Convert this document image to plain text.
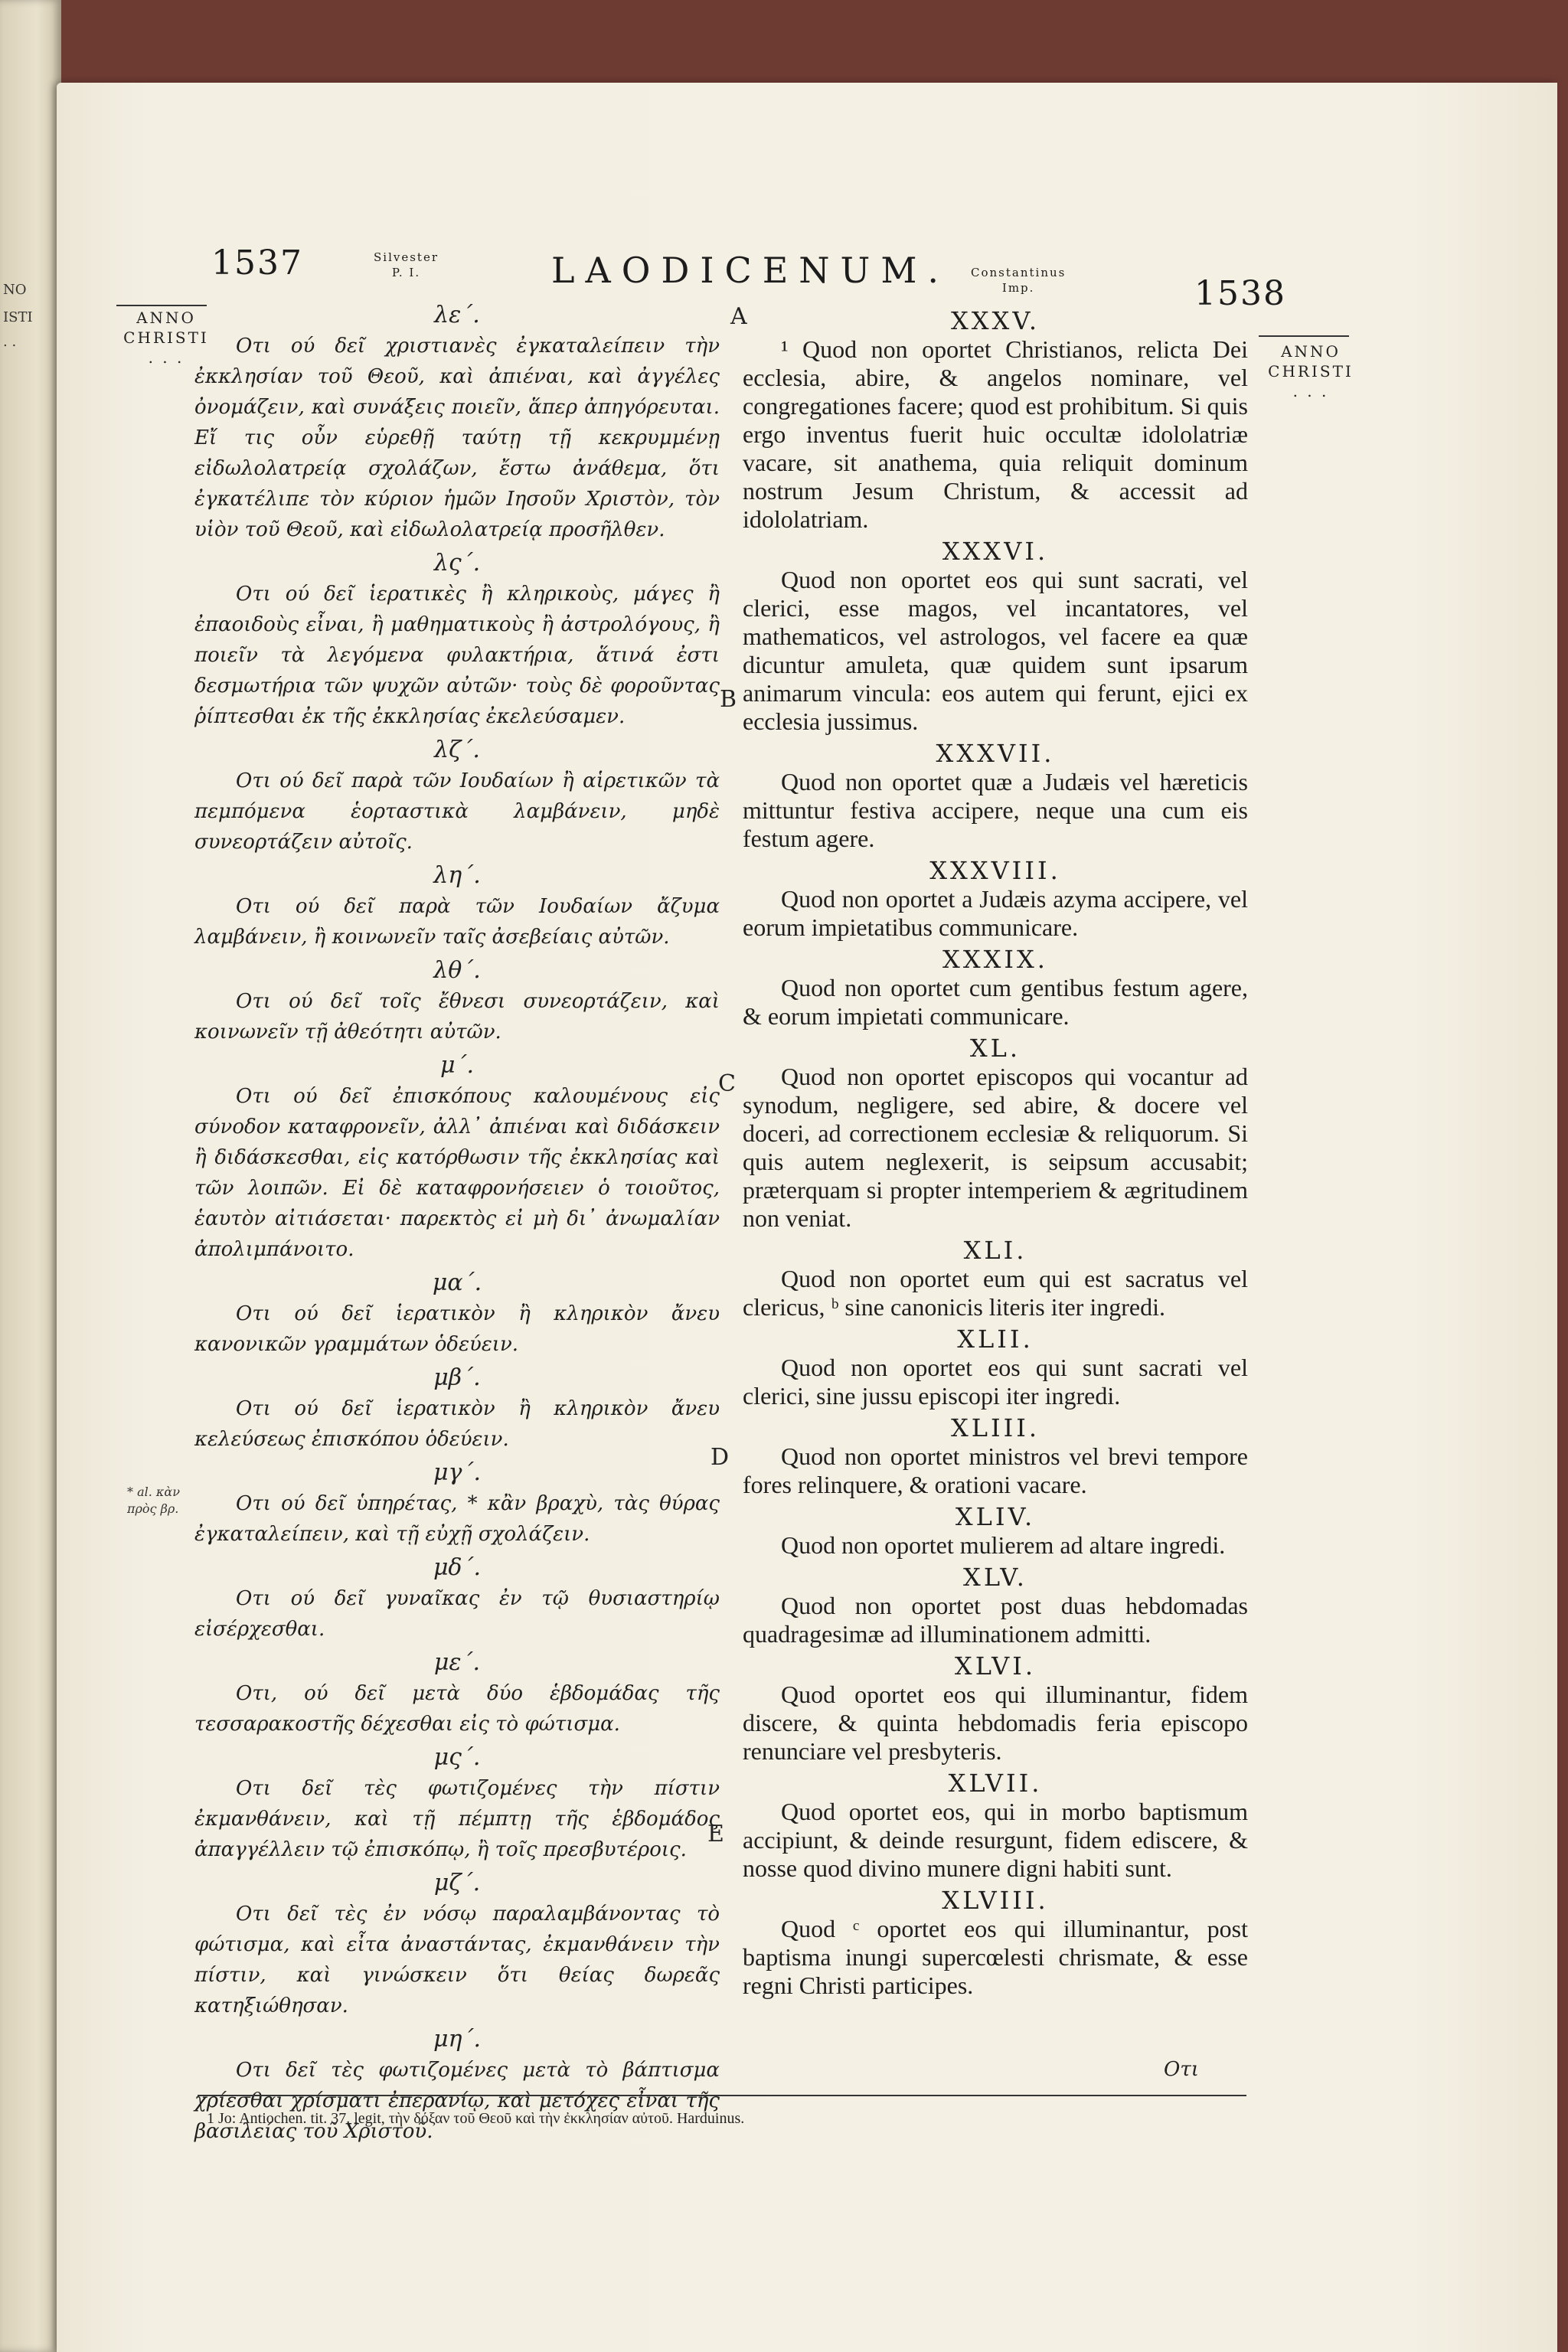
NO
ISTI
. .
1537	Silvester
P. I.	LAODICENUM. Constantinus
Imp.	1538
ANNO
CHRISTI
. . .	ANNO
CHRISTI
. . .
A
B
C
D
E
* al. κὰν πρὸς βρ.
λε΄.

Οτι ού δεῖ χριστιανὲς ἐγκαταλείπειν τὴν ἐκκλησίαν τοῦ Θεοῦ, καὶ ἀπιέναι, καὶ ἀγγέλες ὀνομάζειν, καὶ συνάξεις ποιεῖν, ἅπερ ἀπηγόρευται. Εἴ τις οὖν εὑρεθῇ ταύτῃ τῇ κεκρυμμένῃ εἰδωλολατρείᾳ σχολάζων, ἔστω ἀνάθεμα, ὅτι ἐγκατέλιπε τὸν κύριον ἡμῶν Ιησοῦν Χριστὸν, τὸν υἱὸν τοῦ Θεοῦ, καὶ εἰδωλολατρείᾳ προσῆλθεν.

λς΄.

Οτι ού δεῖ ἱερατικὲς ἢ κληρικοὺς, μάγες ἢ ἐπαοιδοὺς εἶναι, ἢ μαθηματικοὺς ἢ ἀστρολόγους, ἢ ποιεῖν τὰ λεγόμενα φυλακτήρια, ἅτινά ἐστι δεσμωτήρια τῶν ψυχῶν αὐτῶν· τοὺς δὲ φοροῦντας ῥίπτεσθαι ἐκ τῆς ἐκκλησίας ἐκελεύσαμεν.

λζ΄.

Οτι ού δεῖ παρὰ τῶν Ιουδαίων ἢ αἱρετικῶν τὰ πεμπόμενα ἑορταστικὰ λαμβάνειν, μηδὲ συνεορτάζειν αὐτοῖς.

λη΄.

Οτι ού δεῖ παρὰ τῶν Ιουδαίων ἄζυμα λαμβάνειν, ἢ κοινωνεῖν ταῖς ἀσεβείαις αὐτῶν.

λθ΄.

Οτι ού δεῖ τοῖς ἔθνεσι συνεορτάζειν, καὶ κοινωνεῖν τῇ ἀθεότητι αὐτῶν.

μ΄.

Οτι ού δεῖ ἐπισκόπους καλουμένους εἰς σύνοδον καταφρονεῖν, ἀλλ᾽ ἀπιέναι καὶ διδάσκειν ἢ διδάσκεσθαι, εἰς κατόρθωσιν τῆς ἐκκλησίας καὶ τῶν λοιπῶν. Εἰ δὲ καταφρονήσειεν ὁ τοιοῦτος, ἑαυτὸν αἰτιάσεται· παρεκτὸς εἰ μὴ δι᾽ ἀνωμαλίαν ἀπολιμπάνοιτο.

μα΄.

Οτι ού δεῖ ἱερατικὸν ἢ κληρικὸν ἄνευ κανονικῶν γραμμάτων ὁδεύειν.

μβ΄.

Οτι ού δεῖ ἱερατικὸν ἢ κληρικὸν ἄνευ κελεύσεως ἐπισκόπου ὁδεύειν.

μγ΄.

Οτι ού δεῖ ὑπηρέτας, * κἂν βραχὺ, τὰς θύρας ἐγκαταλείπειν, καὶ τῇ εὐχῇ σχολάζειν.

μδ΄.

Οτι ού δεῖ γυναῖκας ἐν τῷ θυσιαστηρίῳ εἰσέρχεσθαι.

με΄.

Οτι, ού δεῖ μετὰ δύο ἑβδομάδας τῆς τεσσαρακοστῆς δέχεσθαι εἰς τὸ φώτισμα.

μς΄.

Οτι δεῖ τὲς φωτιζομένες τὴν πίστιν ἐκμανθάνειν, καὶ τῇ πέμπτῃ τῆς ἑβδομάδος ἀπαγγέλλειν τῷ ἐπισκόπῳ, ἢ τοῖς πρεσβυτέροις.

μζ΄.

Οτι δεῖ τὲς ἐν νόσῳ παραλαμβάνοντας τὸ φώτισμα, καὶ εἶτα ἀναστάντας, ἐκμανθάνειν τὴν πίστιν, καὶ γινώσκειν ὅτι θείας δωρεᾶς κατηξιώθησαν.

μη΄.

Οτι δεῖ τὲς φωτιζομένες μετὰ τὸ βάπτισμα χρίεσθαι χρίσματι ἐπερανίῳ, καὶ μετόχες εἶναι τῆς βασιλείας τοῦ Χριστοῦ.

XXXV.

¹ Quod non oportet Christianos, relicta Dei ecclesia, abire, & angelos nominare, vel congregationes facere; quod est prohibitum. Si quis ergo inventus fuerit huic occultæ idololatriæ vacare, sit anathema, quia reliquit dominum nostrum Jesum Christum, & accessit ad idololatriam.

XXXVI.

Quod non oportet eos qui sunt sacrati, vel clerici, esse magos, vel incantatores, vel mathematicos, vel astrologos, vel facere ea quæ dicuntur amuleta, quæ quidem sunt ipsarum animarum vincula: eos autem qui ferunt, ejici ex ecclesia jussimus.

XXXVII.

Quod non oportet quæ a Judæis vel hæreticis mittuntur festiva accipere, neque una cum eis festum agere.

XXXVIII.

Quod non oportet a Judæis azyma accipere, vel eorum impietatibus communicare.

XXXIX.

Quod non oportet cum gentibus festum agere, & eorum impietati communicare.

XL.

Quod non oportet episcopos qui vocantur ad synodum, negligere, sed abire, & docere vel doceri, ad correctionem ecclesiæ & reliquorum. Si quis autem neglexerit, is seipsum accusabit; præterquam si propter intemperiem & ægritudinem non veniat.

XLI.

Quod non oportet eum qui est sacratus vel clericus, ᵇ sine canonicis literis iter ingredi.

XLII.

Quod non oportet eos qui sunt sacrati vel clerici, sine jussu episcopi iter ingredi.

XLIII.

Quod non oportet ministros vel brevi tempore fores relinquere, & orationi vacare.

XLIV.

Quod non oportet mulierem ad altare ingredi.

XLV.

Quod non oportet post duas hebdomadas quadragesimæ ad illuminationem admitti.

XLVI.

Quod oportet eos qui illuminantur, fidem discere, & quinta hebdomadis feria episcopo renunciare vel presbyteris.

XLVII.

Quod oportet eos, qui in morbo baptismum accipiunt, & deinde resurgunt, fidem ediscere, & nosse quod divino munere digni habiti sunt.

XLVIII.

Quod ᶜ oportet eos qui illuminantur, post baptisma inungi supercœlesti chrismate, & esse regni Christi participes.

Οτι
1 Jo: Antiochen. tit. 37. legit, τὴν δόξαν τοῦ Θεοῦ καὶ τὴν ἐκκλησίαν αὐτοῦ. Harduinus.
